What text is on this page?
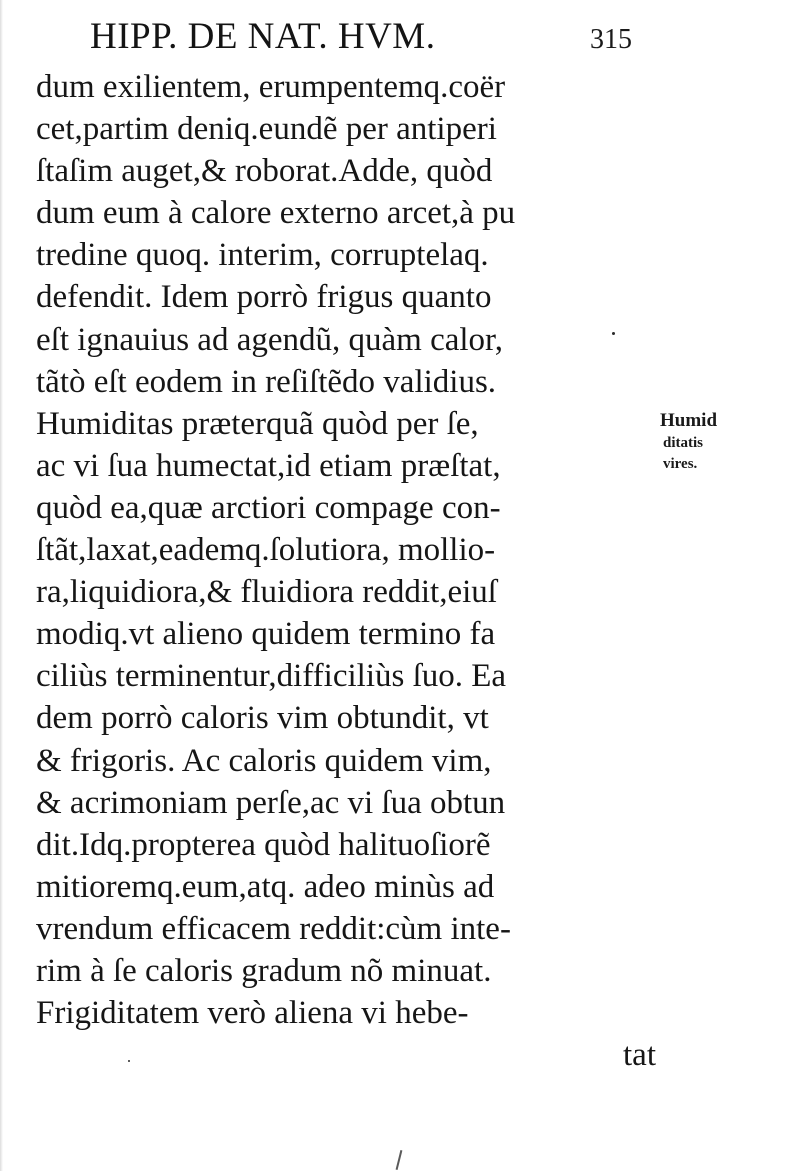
HIPP. DE NAT. HVM.	315
dum exilientem, erumpentemq.coër
cet,partim deniq.eundẽ per antiperi
ſtaſim auget,& roborat.Adde, quòd
dum eum à calore externo arcet,à pu
tredine quoq. interim, corruptelaq.
defendit. Idem porrò frigus quanto
eſt ignauius ad agendũ, quàm calor,
tãtò eſt eodem in reſiſtẽdo validius.
Humiditas præterquã quòd per ſe,
ac vi ſua humectat,id etiam præſtat,
quòd ea,quæ arctiori compage con-
ſtãt,laxat,eademq.ſolutiora, mollio-
ra,liquidiora,& fluidiora reddit,eiuſ
modiq.vt alieno quidem termino fa
ciliùs terminentur,difficiliùs ſuo. Ea
dem porrò caloris vim obtundit, vt
& frigoris. Ac caloris quidem vim,
& acrimoniam perſe,ac vi ſua obtun
dit.Idq.propterea quòd halituoſiorẽ
mitioremq.eum,atq. adeo minùs ad
vrendum efficacem reddit:cùm inte-
rim à ſe caloris gradum nõ minuat.
Frigiditatem verò aliena vi hebe-
tat
Humid
ditatis
vires.
